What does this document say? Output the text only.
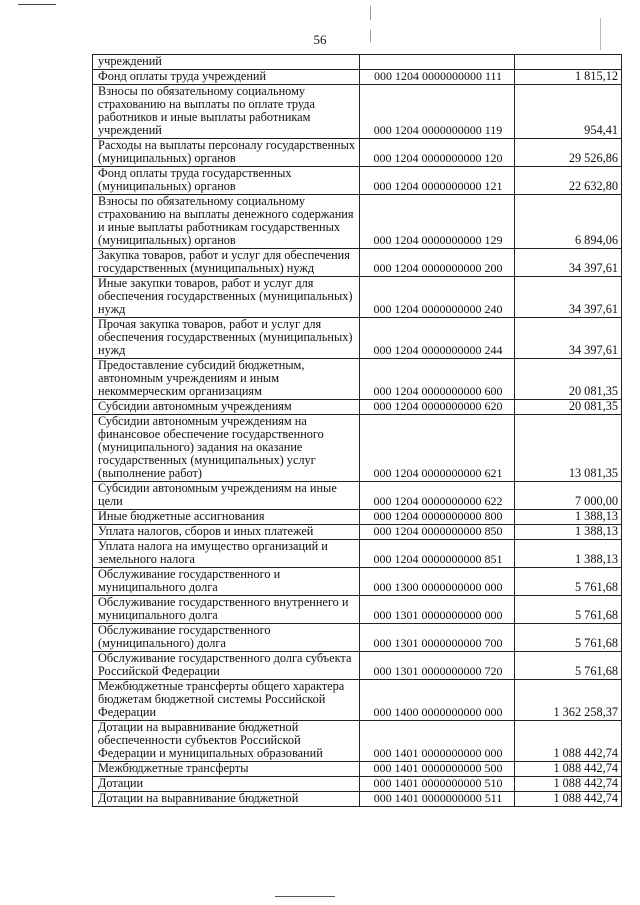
56
учреждений		

Фонд оплаты труда учреждений	000 1204 0000000000 111	1 815,12

Взносы по обязательному социальному страхованию на выплаты по оплате труда работников и иные выплаты работникам учреждений	000 1204 0000000000 119	954,41

Расходы на выплаты персоналу государственных (муниципальных) органов	000 1204 0000000000 120	29 526,86

Фонд оплаты труда государственных (муниципальных) органов	000 1204 0000000000 121	22 632,80

Взносы по обязательному социальному страхованию на выплаты денежного содержания и иные выплаты работникам государственных (муниципальных) органов	000 1204 0000000000 129	6 894,06

Закупка товаров, работ и услуг для обеспечения государственных (муниципальных) нужд	000 1204 0000000000 200	34 397,61

Иные закупки товаров, работ и услуг для обеспечения государственных (муниципальных) нужд	000 1204 0000000000 240	34 397,61

Прочая закупка товаров, работ и услуг для обеспечения государственных (муниципальных) нужд	000 1204 0000000000 244	34 397,61

Предоставление субсидий бюджетным, автономным учреждениям и иным некоммерческим организациям	000 1204 0000000000 600	20 081,35

Субсидии автономным учреждениям	000 1204 0000000000 620	20 081,35

Субсидии автономным учреждениям на финансовое обеспечение государственного (муниципального) задания на оказание государственных (муниципальных) услуг (выполнение работ)	000 1204 0000000000 621	13 081,35

Субсидии автономным учреждениям на иные цели	000 1204 0000000000 622	7 000,00

Иные бюджетные ассигнования	000 1204 0000000000 800	1 388,13

Уплата налогов, сборов и иных платежей	000 1204 0000000000 850	1 388,13

Уплата налога на имущество организаций и земельного налога	000 1204 0000000000 851	1 388,13

Обслуживание государственного и муниципального долга	000 1300 0000000000 000	5 761,68

Обслуживание государственного внутреннего и муниципального долга	000 1301 0000000000 000	5 761,68

Обслуживание государственного (муниципального) долга	000 1301 0000000000 700	5 761,68

Обслуживание государственного долга субъекта Российской Федерации	000 1301 0000000000 720	5 761,68

Межбюджетные трансферты общего характера бюджетам бюджетной системы Российской Федерации	000 1400 0000000000 000	1 362 258,37

Дотации на выравнивание бюджетной обеспеченности субъектов Российской Федерации и муниципальных образований	000 1401 0000000000 000	1 088 442,74

Межбюджетные трансферты	000 1401 0000000000 500	1 088 442,74

Дотации	000 1401 0000000000 510	1 088 442,74

Дотации на выравнивание бюджетной	000 1401 0000000000 511	1 088 442,74
